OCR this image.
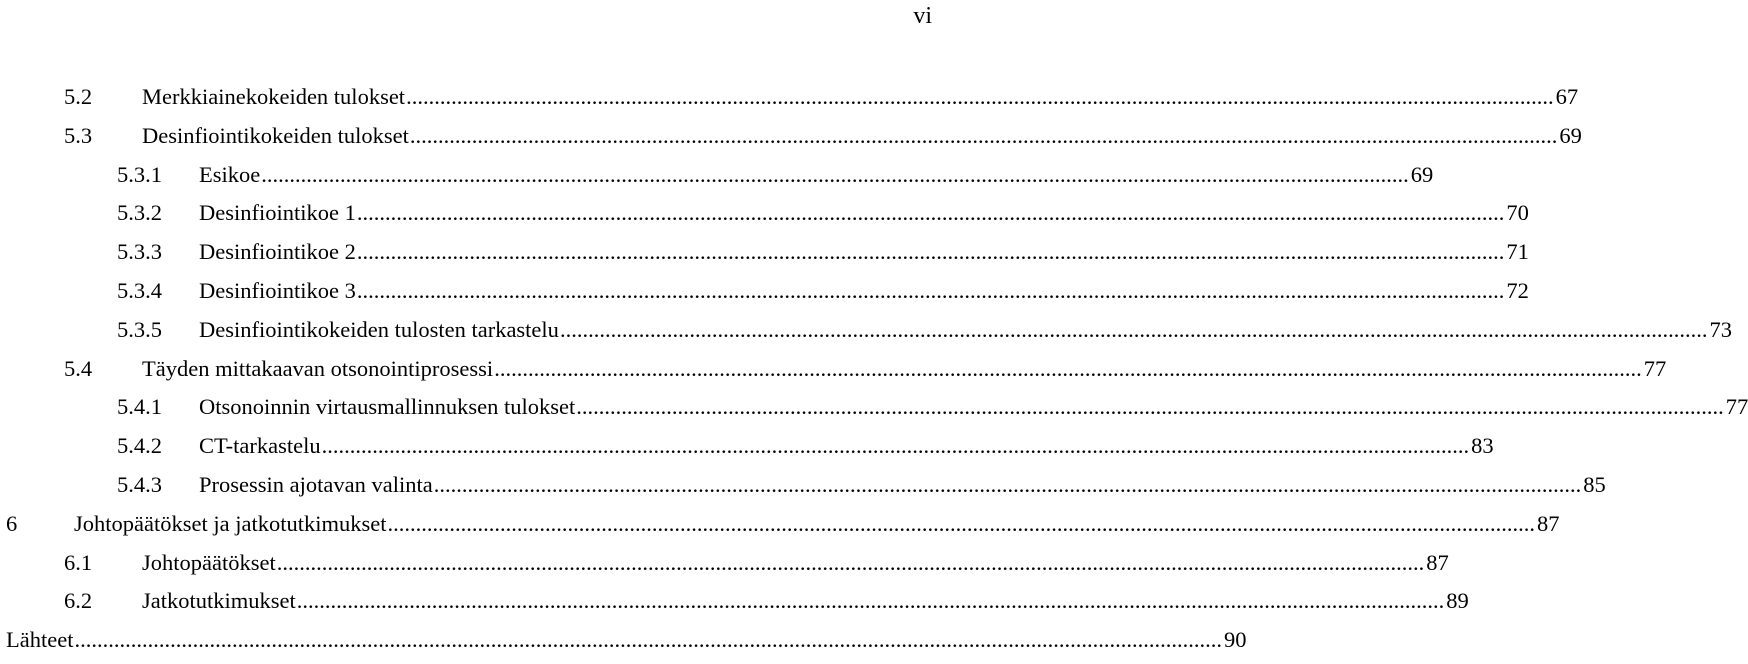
vi
5.2 Merkkiainekokeiden tulokset ............................................................................................................................................................................................................ 67
5.3 Desinfiointikokeiden tulokset ............................................................................................................................................................................................................ 69
5.3.1 Esikoe ............................................................................................................................................................................................................ 69
5.3.2 Desinfiointikoe 1 ............................................................................................................................................................................................................ 70
5.3.3 Desinfiointikoe 2 ............................................................................................................................................................................................................ 71
5.3.4 Desinfiointikoe 3 ............................................................................................................................................................................................................ 72
5.3.5 Desinfiointikokeiden tulosten tarkastelu ............................................................................................................................................................................................................ 73
5.4 Täyden mittakaavan otsonointiprosessi ............................................................................................................................................................................................................ 77
5.4.1 Otsonoinnin virtausmallinnuksen tulokset ............................................................................................................................................................................................................ 77
5.4.2 CT-tarkastelu ............................................................................................................................................................................................................ 83
5.4.3 Prosessin ajotavan valinta ............................................................................................................................................................................................................ 85
6	Johtopäätökset ja jatkotutkimukset ............................................................................................................................................................................................................ 87
6.1 Johtopäätökset ............................................................................................................................................................................................................ 87
6.2 Jatkotutkimukset ............................................................................................................................................................................................................ 89
Lähteet ............................................................................................................................................................................................................ 90
